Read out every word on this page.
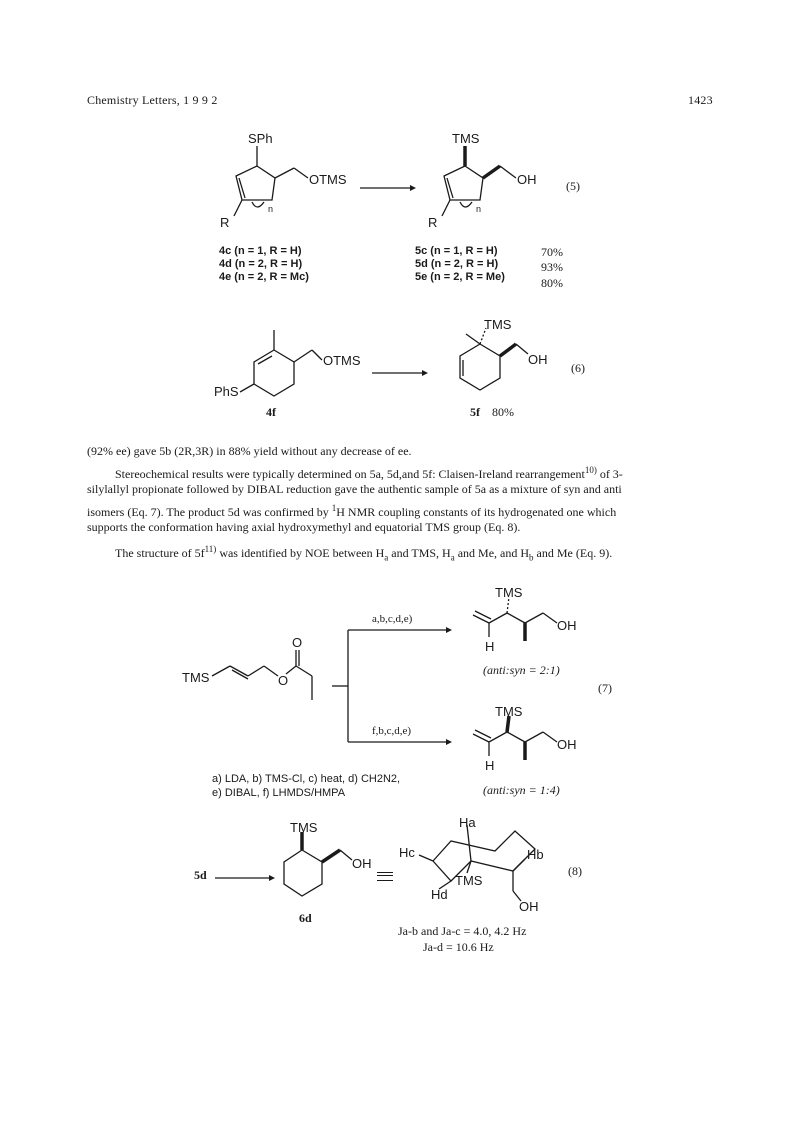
Chemistry Letters, 1 9 9 2	1423
SPh
OTMS
R
n
TMS
OH
R
n
(5)
4c (n = 1, R = H)
4d (n = 2, R = H)
4e (n = 2, R = Mc)
5c (n = 1, R = H)
5d (n = 2, R = H)
5e (n = 2, R = Me)
70%
93%
80%
OTMS
PhS
4f
TMS
OH
5f 80%
(6)
(92% ee) gave 5b (2R,3R) in 88% yield without any decrease of ee.
Stereochemical results were typically determined on 5a, 5d,and 5f: Claisen-Ireland rearrangement$^{10)}$ of 3-
silylallyl propionate followed by DIBAL reduction gave the authentic sample of 5a as a mixture of syn and anti
isomers (Eq. 7). The product 5d was confirmed by $^1$H NMR coupling constants of its hydrogenated one which
supports the conformation having axial hydroxymethyl and equatorial TMS group (Eq. 8).
The structure of $5f^{11)}$ was identified by NOE between $H_a$ and TMS, $H_a$ and Me, and $H_b$ and Me (Eq. 9).
TMS
O
O
a,b,c,d,e)
f,b,c,d,e)
TMS
OH
H
(anti:syn = 2:1)
TMS
OH
H
(anti:syn = 1:4)
(7)
a) LDA, b) TMS-Cl, c) heat, d) CH2N2,
e) DIBAL, f) LHMDS/HMPA
5d
TMS
OH
6d
Ha
Hb
Hc
Hd
TMS
OH
(8)
Ja-b and Ja-c = 4.0, 4.2 Hz
Ja-d = 10.6 Hz
